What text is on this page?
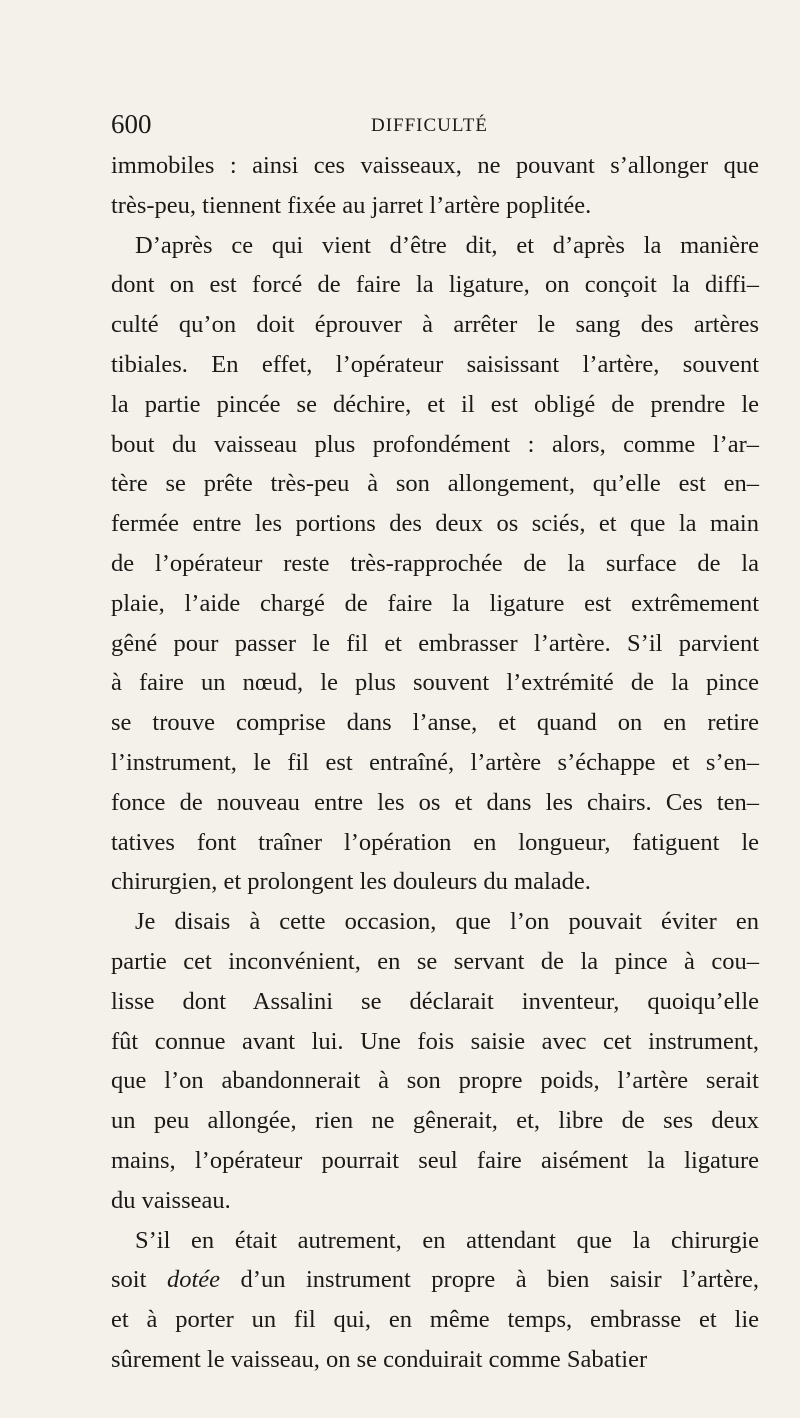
600	DIFFICULTÉ
immobiles : ainsi ces vaisseaux, ne pouvant s’allonger que
très-peu, tiennent fixée au jarret l’artère poplitée.
D’après ce qui vient d’être dit, et d’après la manière
dont on est forcé de faire la ligature, on conçoit la diffi–
culté qu’on doit éprouver à arrêter le sang des artères
tibiales. En effet, l’opérateur saisissant l’artère, souvent
la partie pincée se déchire, et il est obligé de prendre le
bout du vaisseau plus profondément : alors, comme l’ar–
tère se prête très-peu à son allongement, qu’elle est en–
fermée entre les portions des deux os sciés, et que la main
de l’opérateur reste très-rapprochée de la surface de la
plaie, l’aide chargé de faire la ligature est extrêmement
gêné pour passer le fil et embrasser l’artère. S’il parvient
à faire un nœud, le plus souvent l’extrémité de la pince
se trouve comprise dans l’anse, et quand on en retire
l’instrument, le fil est entraîné, l’artère s’échappe et s’en–
fonce de nouveau entre les os et dans les chairs. Ces ten–
tatives font traîner l’opération en longueur, fatiguent le
chirurgien, et prolongent les douleurs du malade.
Je disais à cette occasion, que l’on pouvait éviter en
partie cet inconvénient, en se servant de la pince à cou–
lisse dont Assalini se déclarait inventeur, quoiqu’elle
fût connue avant lui. Une fois saisie avec cet instrument,
que l’on abandonnerait à son propre poids, l’artère serait
un peu allongée, rien ne gênerait, et, libre de ses deux
mains, l’opérateur pourrait seul faire aisément la ligature
du vaisseau.
S’il en était autrement, en attendant que la chirurgie
soit dotée d’un instrument propre à bien saisir l’artère,
et à porter un fil qui, en même temps, embrasse et lie
sûrement le vaisseau, on se conduirait comme Sabatier
